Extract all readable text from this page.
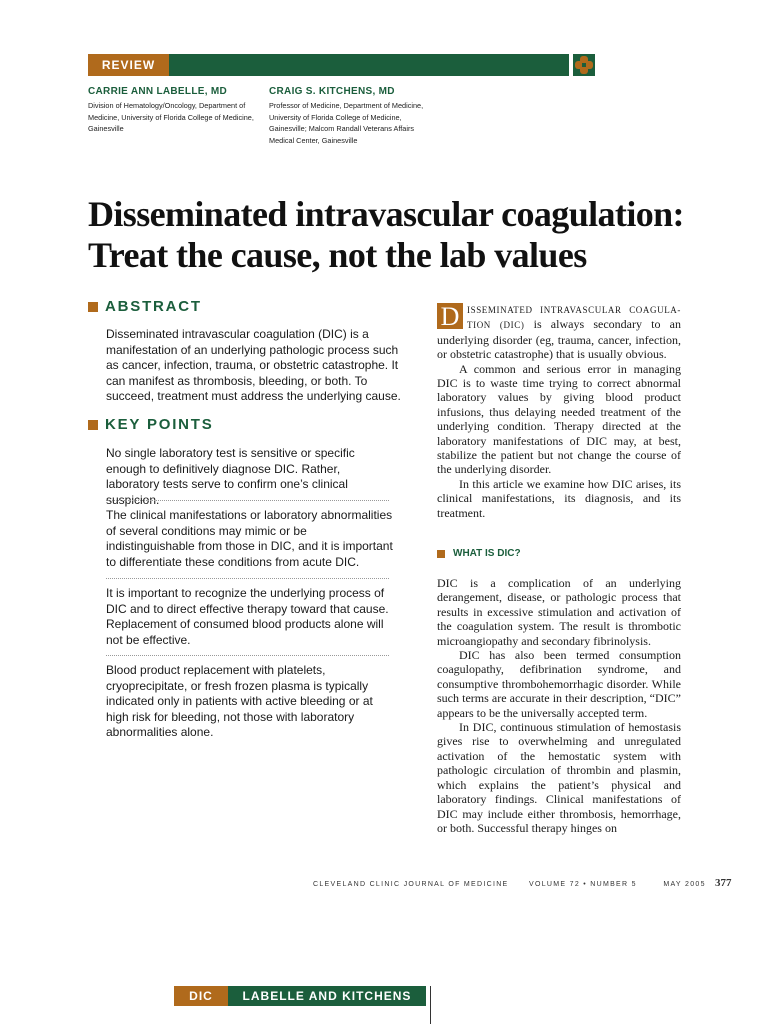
REVIEW
CARRIE ANN LABELLE, MD
Division of Hematology/Oncology, Department of Medicine, University of Florida College of Medicine, Gainesville
CRAIG S. KITCHENS, MD
Professor of Medicine, Department of Medicine, University of Florida College of Medicine, Gainesville; Malcom Randall Veterans Affairs Medical Center, Gainesville
Disseminated intravascular coagulation:
Treat the cause, not the lab values
ABSTRACT
Disseminated intravascular coagulation (DIC) is a manifestation of an underlying pathologic process such as cancer, infection, trauma, or obstetric catastrophe. It can manifest as thrombosis, bleeding, or both. To succeed, treatment must address the underlying cause.
KEY POINTS
No single laboratory test is sensitive or specific enough to definitively diagnose DIC. Rather, laboratory tests serve to confirm one’s clinical suspicion.
The clinical manifestations or laboratory abnormalities of several conditions may mimic or be indistinguishable from those in DIC, and it is important to differentiate these conditions from acute DIC.
It is important to recognize the underlying process of DIC and to direct effective therapy toward that cause. Replacement of consumed blood products alone will not be effective.
Blood product replacement with platelets, cryoprecipitate, or fresh frozen plasma is typically indicated only in patients with active bleeding or at high risk for bleeding, not those with laboratory abnormalities alone.

D ISSEMINATED INTRAVASCULAR COAGULA-TION (DIC) is always secondary to an underlying disorder (eg, trauma, cancer, infection, or obstetric catastrophe) that is usually obvious.

A common and serious error in managing DIC is to waste time trying to correct abnormal laboratory values by giving blood product infusions, thus delaying needed treatment of the underlying condition. Therapy directed at the laboratory manifestations of DIC may, at best, stabilize the patient but not change the course of the underlying disorder.

In this article we examine how DIC arises, its clinical manifestations, its diagnosis, and its treatment.

WHAT IS DIC?

DIC is a complication of an underlying derangement, disease, or pathologic process that results in excessive stimulation and activation of the coagulation system. The result is thrombotic microangiopathy and secondary fibrinolysis.

DIC has also been termed consumption coagulopathy, defibrination syndrome, and consumptive thrombohemorrhagic disorder. While such terms are accurate in their description, “DIC” appears to be the universally accepted term.

In DIC, continuous stimulation of hemostasis gives rise to overwhelming and unregulated activation of the hemostatic system with pathologic circulation of thrombin and plasmin, which explains the patient’s physical and laboratory findings. Clinical manifestations of DIC may include either thrombosis, hemorrhage, or both. Successful therapy hinges on

CLEVELAND CLINIC JOURNAL OF MEDICINE	VOLUME 72 • NUMBER 5	MAY 2005 377
DIC	LABELLE AND KITCHENS
